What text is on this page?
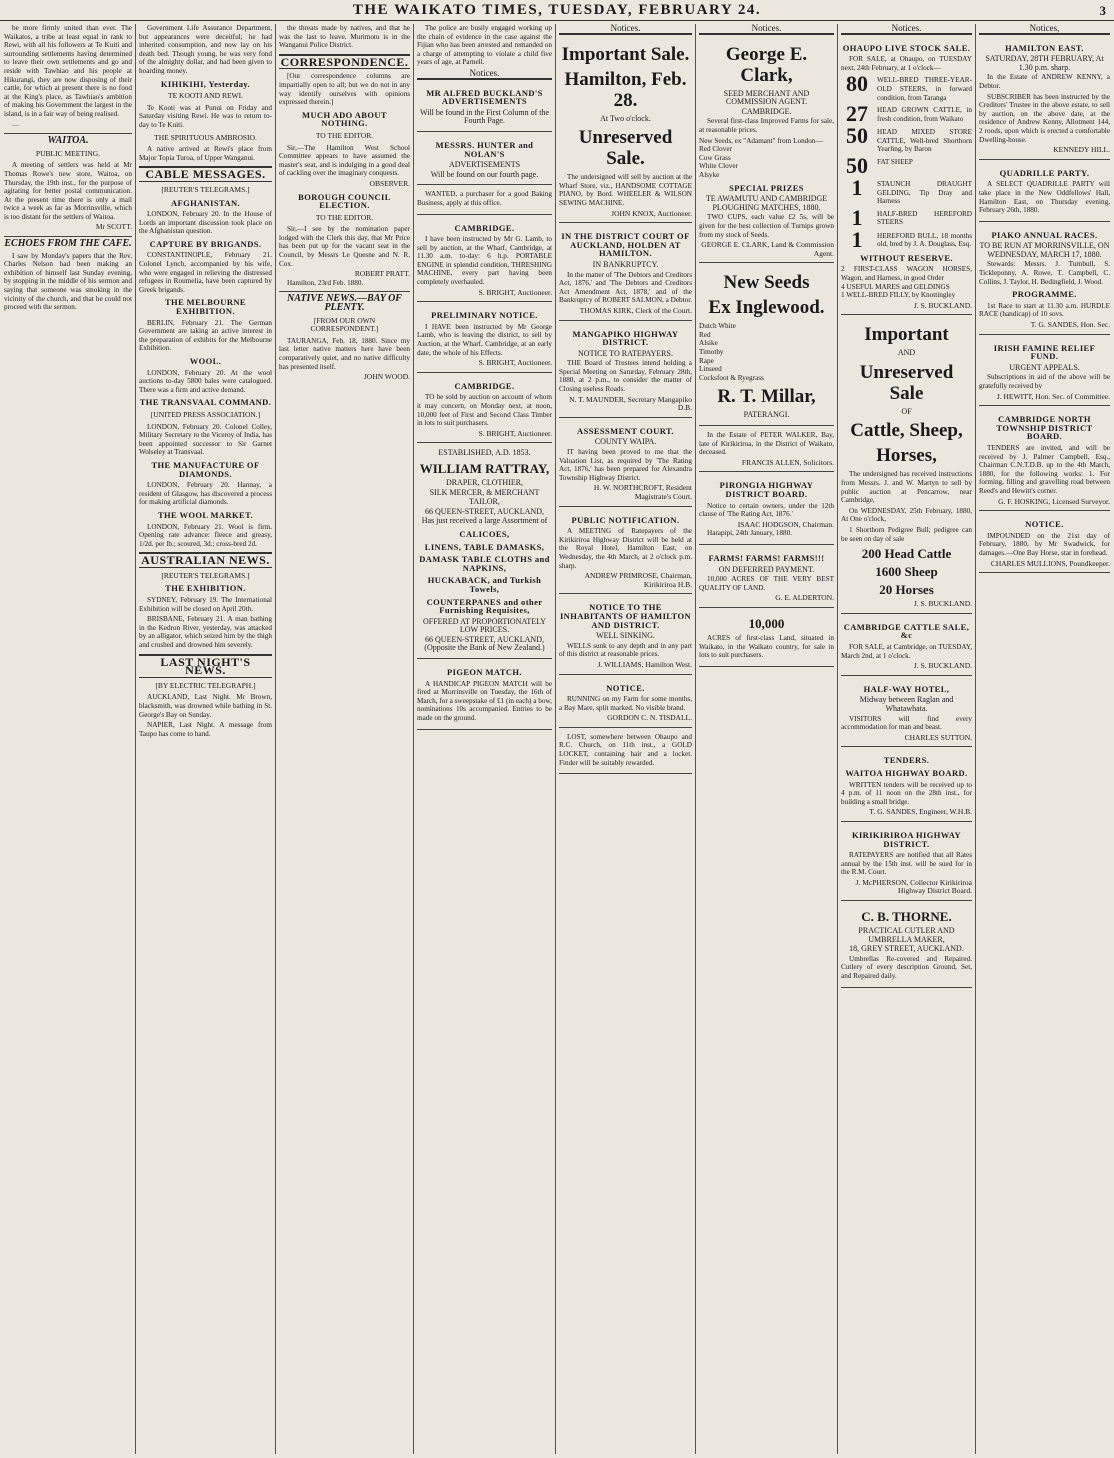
THE WAIKATO TIMES, TUESDAY, FEBRUARY 24.	3

be more firmly united than ever. The Waikatos, a tribe at least equal in rank to Rewi, with all his followers at Te Kuiti and surrounding settlements having determined to leave their own settlements and go and reside with Tawhiao and his people at Hikurangi, they are now disposing of their cattle, for which at present there is no food at the King's place, as Tawhiao's ambition of making his Government the largest in the island, is in a fair way of being realised.

—

WAITOA.
PUBLIC MEETING.

A meeting of settlers was held at Mr Thomas Rowe's new store, Waitoa, on Thursday, the 19th inst., for the purpose of agitating for better postal communication. At the present time there is only a mail twice a week as far as Morrinsville, which is too distant for the settlers of Waitoa.

Mr SCOTT.
ECHOES FROM THE CAFE.

I saw by Monday's papers that the Rev. Charles Nelson had been making an exhibition of himself last Sunday evening, by stopping in the middle of his sermon and saying that someone was smoking in the vicinity of the church, and that he could not proceed with the sermon.

Government Life Assurance Department, but appearances were deceitful; he had inherited consumption, and now lay on his death bed. Though young, he was very fond of the almighty dollar, and had been given to hoarding money.

KIHIKIHI, Yesterday.
TE KOOTI AND REWI.

Te Kooti was at Punui on Friday and Saturday visiting Rewi. He was to return to-day to Te Kuiti.

THE SPIRITUOUS AMBROSIO.

A native arrived at Rewi's place from Major Topia Turoa, of Upper Wanganui.

CABLE MESSAGES.
[REUTER'S TELEGRAMS.]
AFGHANISTAN.

LONDON, February 20. In the House of Lords an important discussion took place on the Afghanistan question.

CAPTURE BY BRIGANDS.

CONSTANTINOPLE, February 21. Colonel Lynch, accompanied by his wife, who were engaged in relieving the distressed refugees in Roumelia, have been captured by Greek brigands.

THE MELBOURNE EXHIBITION.

BERLIN, February 21. The German Government are taking an active interest in the preparation of exhibits for the Melbourne Exhibition.

WOOL.

LONDON, February 20. At the wool auctions to-day 5800 bales were catalogued. There was a firm and active demand.

THE TRANSVAAL COMMAND.
[UNITED PRESS ASSOCIATION.]

LONDON, February 20. Colonel Colley, Military Secretary to the Viceroy of India, has been appointed successor to Sir Garnet Wolseley at Transvaal.

THE MANUFACTURE OF DIAMONDS.

LONDON, February 20. Hannay, a resident of Glasgow, has discovered a process for making artificial diamonds.

THE WOOL MARKET.

LONDON, February 21. Wool is firm. Opening rate advance: fleece and greasy, 1/2d. per lb.; scoured, 3d.; cross-bred 2d.

AUSTRALIAN NEWS.
[REUTER'S TELEGRAMS.]
THE EXHIBITION.

SYDNEY, February 19. The International Exhibition will be closed on April 20th.

BRISBANE, February 21. A man bathing in the Kedron River, yesterday, was attacked by an alligator, which seized him by the thigh and crushed and drowned him severely.

LAST NIGHT'S NEWS.
[BY ELECTRIC TELEGRAPH.]

AUCKLAND, Last Night. Mr Brown, blacksmith, was drowned while bathing in St. George's Bay on Sunday.

NAPIER, Last Night. A message from Taupo has come to hand.

the threats made by natives, and that he was the last to leave. Murimotu is in the Wanganui Police District.

CORRESPONDENCE.

[Our correspondence columns are impartially open to all; but we do not in any way identify ourselves with opinions expressed therein.]

MUCH ADO ABOUT NOTHING.
TO THE EDITOR.

Sir,—The Hamilton West School Committee appears to have assumed the master's seat, and is indulging in a good deal of cackling over the imaginary conquests.

OBSERVER.
BOROUGH COUNCIL ELECTION.
TO THE EDITOR.

Sir,—I see by the nomination paper lodged with the Clerk this day, that Mr Price has been put up for the vacant seat in the Council, by Messrs Le Quesne and N. R. Cox.

ROBERT PRATT.

Hamilton, 23rd Feb. 1880.

NATIVE NEWS.—BAY OF PLENTY.
[FROM OUR OWN CORRESPONDENT.]

TAURANGA, Feb. 18, 1880. Since my last letter native matters here have been comparatively quiet, and no native difficulty has presented itself.

JOHN WOOD.

The police are busily engaged working up the chain of evidence in the case against the Fijian who has been arrested and remanded on a charge of attempting to violate a child five years of age, at Parnell.

Notices.
MR ALFRED BUCKLAND'S ADVERTISEMENTS
Will be found in the First Column of the Fourth Page.
MESSRS. HUNTER and NOLAN'S
ADVERTISEMENTS
Will be found on our fourth page.

WANTED, a purchaser for a good Baking Business, apply at this office.

CAMBRIDGE.

I have been instructed by Mr G. Lamb, to sell by auction, at the Wharf, Cambridge, at 11.30 a.m. to-day: 6 h.p. PORTABLE ENGINE in splendid condition, THRESHING MACHINE, every part having been completely overhauled.

S. BRIGHT, Auctioneer.
PRELIMINARY NOTICE.

I HAVE been instructed by Mr George Lamb, who is leaving the district, to sell by Auction, at the Wharf, Cambridge, at an early date, the whole of his Effects.

S. BRIGHT, Auctioneer.
CAMBRIDGE.

TO be sold by auction on account of whom it may concern, on Monday next, at noon, 10,000 feet of First and Second Class Timber in lots to suit purchasers.

S. BRIGHT, Auctioneer.
ESTABLISHED, A.D. 1853.
WILLIAM RATTRAY,
DRAPER, CLOTHIER,
SILK MERCER, & MERCHANT
TAILOR,
66 QUEEN-STREET, AUCKLAND,
Has just received a large Assortment of
CALICOES,
LINENS, TABLE DAMASKS,
DAMASK TABLE CLOTHS and NAPKINS,
HUCKABACK, and Turkish Towels,
COUNTERPANES and other Furnishing Requisites,
OFFERED AT PROPORTIONATELY LOW PRICES.
66 QUEEN-STREET, AUCKLAND, (Opposite the Bank of New Zealand.)
PIGEON MATCH.

A HANDICAP PIGEON MATCH will be fired at Morrinsville on Tuesday, the 16th of March, for a sweepstake of £1 (in each) a bow, nominations 10s accompanied. Entries to be made on the ground.

Notices.
Important Sale.
Hamilton, Feb. 28.
At Two o'clock.
Unreserved Sale.

The undersigned will sell by auction at the Wharf Store, viz., HANDSOME COTTAGE PIANO, by Bord. WHEELER & WILSON SEWING MACHINE.

JOHN KNOX, Auctioneer.
IN THE DISTRICT COURT OF AUCKLAND, HOLDEN AT HAMILTON.
IN BANKRUPTCY.

In the matter of 'The Debtors and Creditors Act, 1876,' and 'The Debtors and Creditors Act Amendment Act, 1878,' and of the Bankruptcy of ROBERT SALMON, a Debtor.

THOMAS KIRK, Clerk of the Court.
MANGAPIKO HIGHWAY DISTRICT.
NOTICE TO RATEPAYERS.

THE Board of Trustees intend holding a Special Meeting on Saturday, February 28th, 1880, at 2 p.m., to consider the matter of Closing useless Roads.

N. T. MAUNDER, Secretary Mangapiko D.B.
ASSESSMENT COURT.
COUNTY WAIPA.

IT having been proved to me that the Valuation List, as required by 'The Rating Act, 1876,' has been prepared for Alexandra Township Highway District.

H. W. NORTHCROFT, Resident Magistrate's Court.
PUBLIC NOTIFICATION.

A MEETING of Ratepayers of the Kirikiriroa Highway District will be held at the Royal Hotel, Hamilton East, on Wednesday, the 4th March, at 2 o'clock p.m. sharp.

ANDREW PRIMROSE, Chairman, Kirikiriroa H.B.
NOTICE TO THE INHABITANTS OF HAMILTON AND DISTRICT.
WELL SINKING.

WELLS sunk to any depth and in any part of this district at reasonable prices.

J. WILLIAMS, Hamilton West.
NOTICE.

RUNNING on my Farm for some months, a Bay Mare, split marked. No visible brand.

GORDON C. N. TISDALL.

LOST, somewhere between Ohaupo and R.C. Church, on 11th inst., a GOLD LOCKET, containing hair and a locket. Finder will be suitably rewarded.

Notices.
George E. Clark,
SEED MERCHANT AND COMMISSION AGENT.
CAMBRIDGE.

Several first-class Improved Farms for sale, at reasonable prices.

New Seeds, ex "Adamant" from London—
Red Clover
Cow Grass
White Clover
Alsyke
SPECIAL PRIZES
TE AWAMUTU AND CAMBRIDGE PLOUGHING MATCHES, 1880.

TWO CUPS, each value £2 5s, will be given for the best collection of Turnips grown from my stock of Seeds.

GEORGE E. CLARK, Land & Commission Agent.
New Seeds
Ex Inglewood.
Dutch White
Red
Alsike
Timothy
Rape
Linseed
Cocksfoot & Ryegrass
R. T. Millar,
PATERANGI.

In the Estate of PETER WALKER, Bay, late of Kirikiriroa, in the District of Waikato, deceased.

FRANCIS ALLEN, Solicitors.
PIRONGIA HIGHWAY DISTRICT BOARD.

Notice to certain owners, under the 12th clause of 'The Rating Act, 1876.'

ISAAC HODGSON, Chairman.

Harapipi, 24th January, 1880.

FARMS! FARMS! FARMS!!!
ON DEFERRED PAYMENT.

10,000 ACRES OF THE VERY BEST QUALITY OF LAND.

G. E. ALDERTON.
10,000

ACRES of first-class Land, situated in Waikato, in the Waikato country, for sale in lots to suit purchasers.

Notices.
OHAUPO LIVE STOCK SALE.

FOR SALE, at Ohaupo, on TUESDAY next, 24th February, at 1 o'clock—

80	WELL-BRED THREE-YEAR-OLD STEERS, in forward condition, from Taranga
27	HEAD GROWN CATTLE, in fresh condition, from Waikato
50	HEAD MIXED STORE CATTLE, Well-bred Shorthorn Yearling, by Baron
50	FAT SHEEP
1	STAUNCH DRAUGHT GELDING, Tip Dray and Harness
1	HALF-BRED HEREFORD STEERS
1	HEREFORD BULL, 18 months old, bred by J. A. Douglass, Esq.
WITHOUT RESERVE.
2 FIRST-CLASS WAGON HORSES, Wagon, and Harness, in good Order
4 USEFUL MARES and GELDINGS
1 WELL-BRED FILLY, by Knottingley
J. S. BUCKLAND.
Important
AND
Unreserved Sale
OF
Cattle, Sheep,
Horses,

The undersigned has received instructions from Messrs. J. and W. Martyn to sell by public auction at Pencarrow, near Cambridge,

On WEDNESDAY, 25th February, 1880, At One o'clock,

1 Shorthorn Pedigree Bull; pedigree can be seen on day of sale

200 Head Cattle
1600 Sheep
20 Horses
J. S. BUCKLAND.
CAMBRIDGE CATTLE SALE, &c

FOR SALE, at Cambridge, on TUESDAY, March 2nd, at 1 o'clock.

J. S. BUCKLAND.
HALF-WAY HOTEL,
Midway between Raglan and Whatawhata.

VISITORS will find every accommodation for man and beast.

CHARLES SUTTON.
TENDERS.
WAITOA HIGHWAY BOARD.

WRITTEN tenders will be received up to 4 p.m. of 11 noon on the 28th inst., for building a small bridge.

T. G. SANDES, Engineer, W.H.B.
KIRIKIRIROA HIGHWAY DISTRICT.

RATEPAYERS are notified that all Rates annual by the 15th inst. will be sued for in the R.M. Court.

J. McPHERSON, Collector Kirikiriroa Highway District Board.
C. B. THORNE.
PRACTICAL CUTLER AND UMBRELLA MAKER,
18, GREY STREET, AUCKLAND.

Umbrellas Re-covered and Repaired. Cutlery of every description Ground, Set, and Repaired daily.

Notices,
HAMILTON EAST.
SATURDAY, 28TH FEBRUARY, At 1.30 p.m. sharp.

In the Estate of ANDREW KENNY, a Debtor.

SUBSCRIBER has been instructed by the Creditors' Trustee in the above estate, to sell by auction, on the above date, at the residence of Andrew Kenny, Allotment 144, 2 roods, upon which is erected a comfortable Dwelling-house.

KENNEDY HILL.
QUADRILLE PARTY.

A SELECT QUADRILLE PARTY will take place in the New Oddfellows' Hall, Hamilton East, on Thursday evening, February 26th, 1880.

PIAKO ANNUAL RACES.
TO BE RUN AT MORRINSVILLE, ON WEDNESDAY, MARCH 17, 1880.

Stewards: Messrs. J. Turnbull, S. Tickleponny, A. Rowe, T. Campbell, C. Collins, J. Taylor, H. Bedingfield, J. Wood.

PROGRAMME.

1st Race to start at 11.30 a.m. HURDLE RACE (handicap) of 10 sovs.

T. G. SANDES, Hon. Sec.
IRISH FAMINE RELIEF FUND.
URGENT APPEALS.

Subscriptions in aid of the above will be gratefully received by

J. HEWITT, Hon. Sec. of Committee.
CAMBRIDGE NORTH TOWNSHIP DISTRICT BOARD.

TENDERS are invited, and will be received by J. Palmer Campbell, Esq., Chairman C.N.T.D.B. up to the 4th March, 1880, for the following works: 1. For forming, filling and gravelling road between Reed's and Hewitt's corner.

G. F. HOSKING, Licensed Surveyor.
NOTICE.

IMPOUNDED on the 21st day of February, 1880, by Mr Swadwick, for damages.—One Bay Horse, star in forehead.

CHARLES MULLIONS, Poundkeeper.
